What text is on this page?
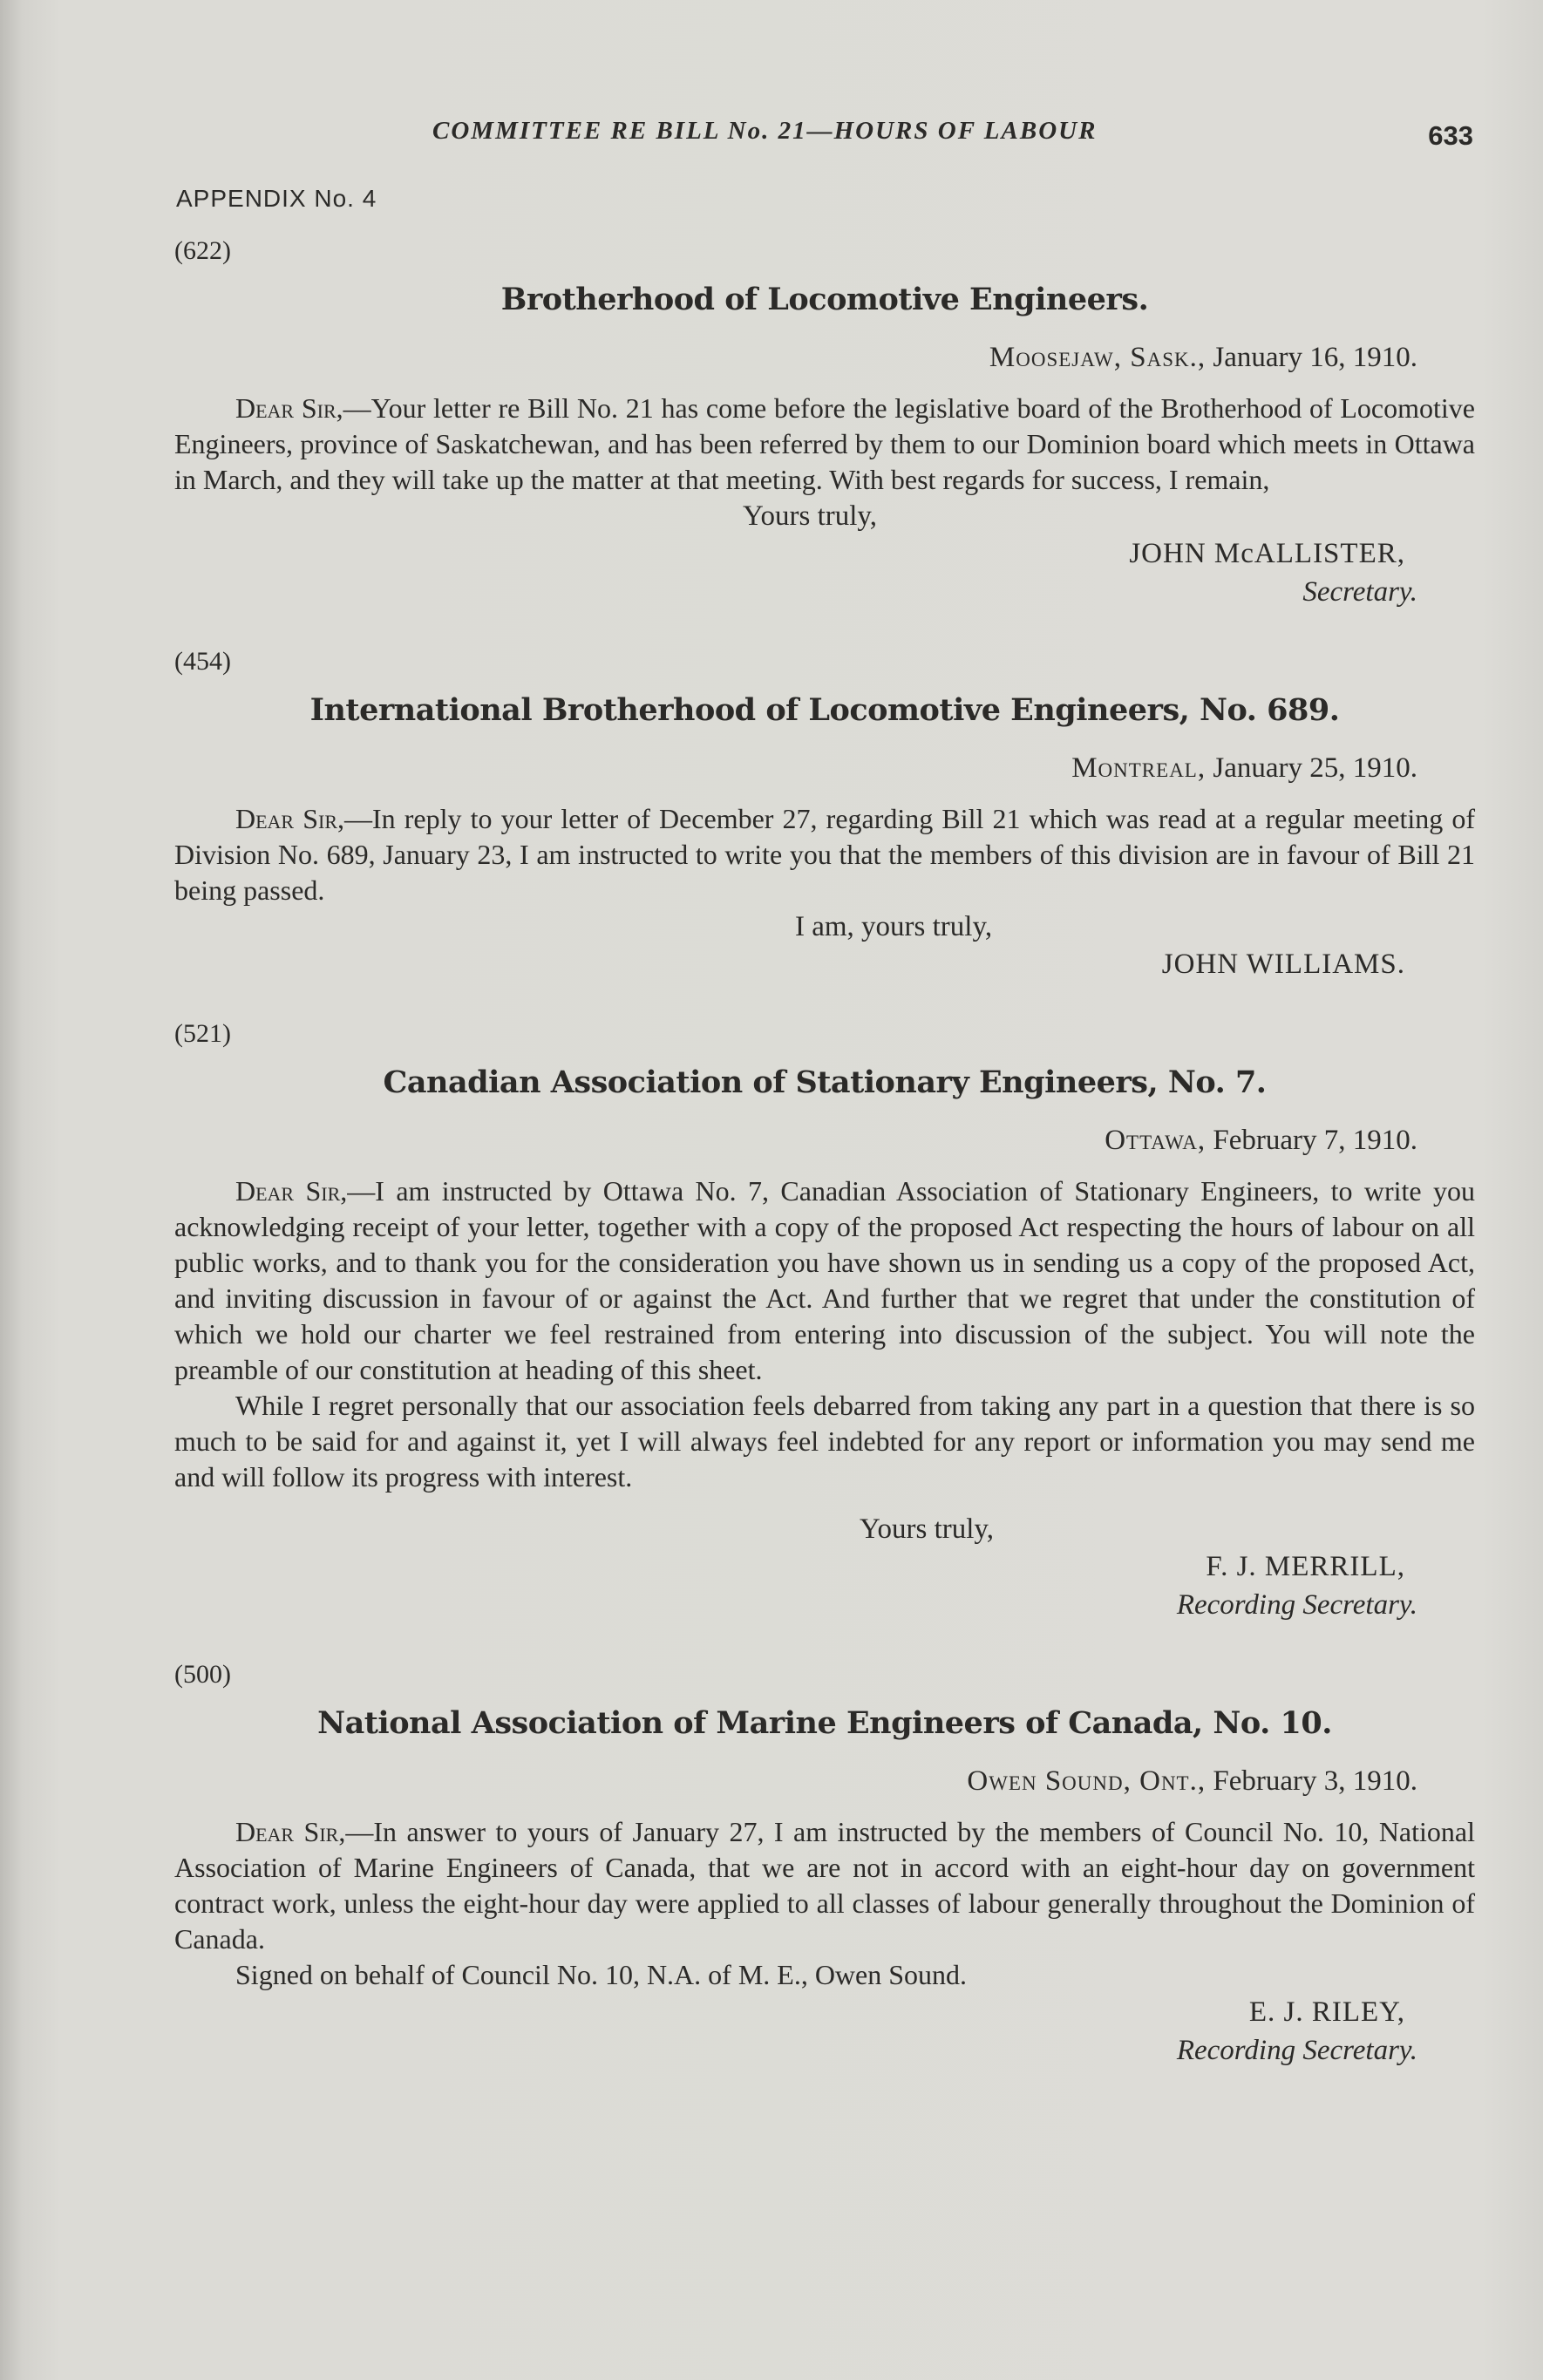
COMMITTEE RE BILL No. 21—HOURS OF LABOUR	633
APPENDIX No. 4

(622)

Brotherhood of Locomotive Engineers.

Moosejaw, Sask., January 16, 1910.

Dear Sir,—Your letter re Bill No. 21 has come before the legislative board of the Brotherhood of Locomotive Engineers, province of Saskatchewan, and has been referred by them to our Dominion board which meets in Ottawa in March, and they will take up the matter at that meeting. With best regards for success, I remain,

Yours truly,

JOHN McALLISTER,

Secretary.

(454)

International Brotherhood of Locomotive Engineers, No. 689.

Montreal, January 25, 1910.

Dear Sir,—In reply to your letter of December 27, regarding Bill 21 which was read at a regular meeting of Division No. 689, January 23, I am instructed to write you that the members of this division are in favour of Bill 21 being passed.

I am, yours truly,

JOHN WILLIAMS.

(521)

Canadian Association of Stationary Engineers, No. 7.

Ottawa, February 7, 1910.

Dear Sir,—I am instructed by Ottawa No. 7, Canadian Association of Stationary Engineers, to write you acknowledging receipt of your letter, together with a copy of the proposed Act respecting the hours of labour on all public works, and to thank you for the consideration you have shown us in sending us a copy of the proposed Act, and inviting discussion in favour of or against the Act. And further that we regret that under the constitution of which we hold our charter we feel restrained from entering into discussion of the subject. You will note the preamble of our constitution at heading of this sheet.

While I regret personally that our association feels debarred from taking any part in a question that there is so much to be said for and against it, yet I will always feel indebted for any report or information you may send me and will follow its progress with interest.

Yours truly,

F. J. MERRILL,

Recording Secretary.

(500)

National Association of Marine Engineers of Canada, No. 10.

Owen Sound, Ont., February 3, 1910.

Dear Sir,—In answer to yours of January 27, I am instructed by the members of Council No. 10, National Association of Marine Engineers of Canada, that we are not in accord with an eight-hour day on government contract work, unless the eight-hour day were applied to all classes of labour generally throughout the Dominion of Canada.

Signed on behalf of Council No. 10, N.A. of M. E., Owen Sound.

E. J. RILEY,

Recording Secretary.
